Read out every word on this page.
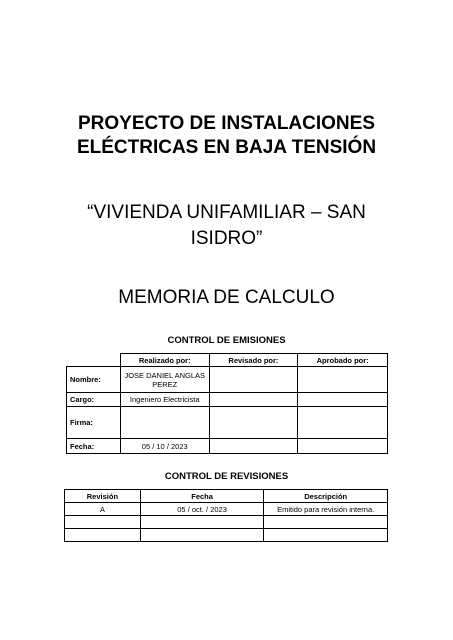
PROYECTO DE INSTALACIONES
ELÉCTRICAS EN BAJA TENSIÓN
“VIVIENDA UNIFAMILIAR – SAN
ISIDRO”
MEMORIA DE CALCULO
CONTROL DE EMISIONES
	Realizado por:	Revisado por:	Aprobado por:
Nombre:	JOSE DANIEL ANGLAS PEREZ		
Cargo:	Ingeniero Electricista		
Firma:			
Fecha:	05 / 10 / 2023		
CONTROL DE REVISIONES
Revisión	Fecha	Descripción
A	05 / oct. / 2023	Emitido para revisión interna.
